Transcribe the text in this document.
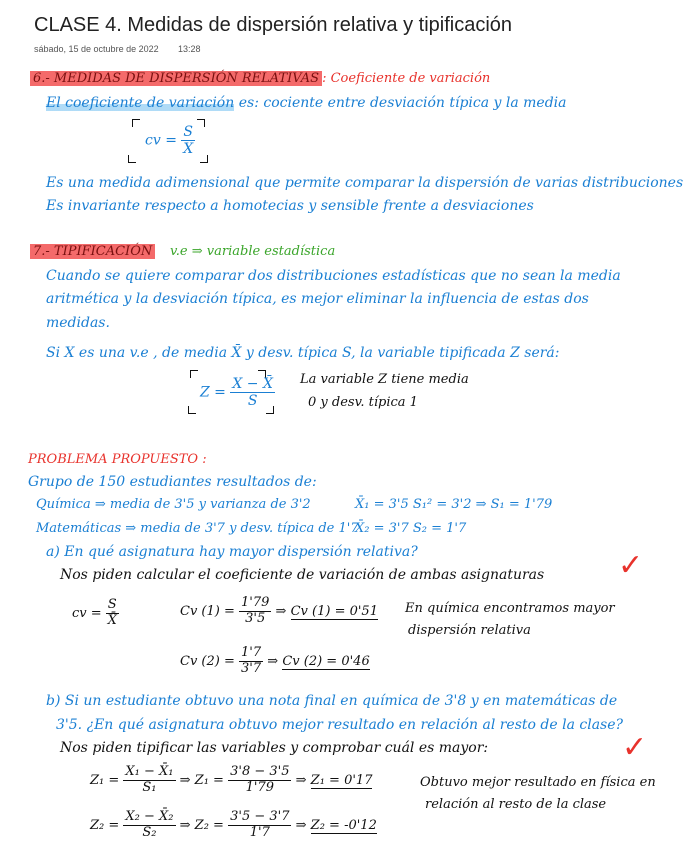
CLASE 4. Medidas de dispersión relativa y tipificación
sábado, 15 de octubre de 2022 13:28
6.- MEDIDAS DE DISPERSIÓN RELATIVAS : Coeficiente de variación
El coeficiente de variación es: cociente entre desviación típica y la media
cv = $\frac{S}{X̄}$
Es una medida adimensional que permite comparar la dispersión de varias distribuciones
Es invariante respecto a homotecias y sensible frente a desviaciones
7.- TIPIFICACIÓN v.e ⇒ variable estadística
Cuando se quiere comparar dos distribuciones estadísticas que no sean la media
aritmética y la desviación típica, es mejor eliminar la influencia de estas dos
medidas.
Si X es una v.e , de media X̄ y desv. típica S, la variable tipificada Z será:
$Z = \frac{X - X̄}{S}$ La variable Z tiene media
0 y desv. típica 1
PROBLEMA PROPUESTO :
Grupo de 150 estudiantes resultados de:
Química ⇒ media de 3'5 y varianza de 3'2	X̄₁ = 3'5 S₁² = 3'2 ⇒ S₁ = 1'79
Matemáticas ⇒ media de 3'7 y desv. típica de 1'7
X̄₂ = 3'7 S₂ = 1'7
a) En qué asignatura hay mayor dispersión relativa?
Nos piden calcular el coeficiente de variación de ambas asignaturas ✓
cv = $\frac{S}{X̄}$	Cv $(1) = \frac{1'79}{3'5}$ ⇒ Cv (1) = 0'51
Cv $(2) = \frac{1'7}{3'7}$ ⇒ Cv (2) = 0'46
En química encontramos mayor
dispersión relativa
b) Si un estudiante obtuvo una nota final en química de 3'8 y en matemáticas de
3'5. ¿En qué asignatura obtuvo mejor resultado en relación al resto de la clase?
Nos piden tipificar las variables y comprobar cuál es mayor:	✓
$Z_1 = \frac{\text{X₁ − X̄₁}}{\text{S₁}}$ ⇒ $Z_1 = \frac{3'8 - 3'5}{1'79}$ ⇒ Z₁ = 0'17
$Z_2 = \frac{\text{X₂ − X̄₂}}{\text{S₂}}$ ⇒ $Z_2 = \frac{3'5 - 3'7}{1'7}$ ⇒ Z₂ = -0'12
Obtuvo mejor resultado en física en
relación al resto de la clase
